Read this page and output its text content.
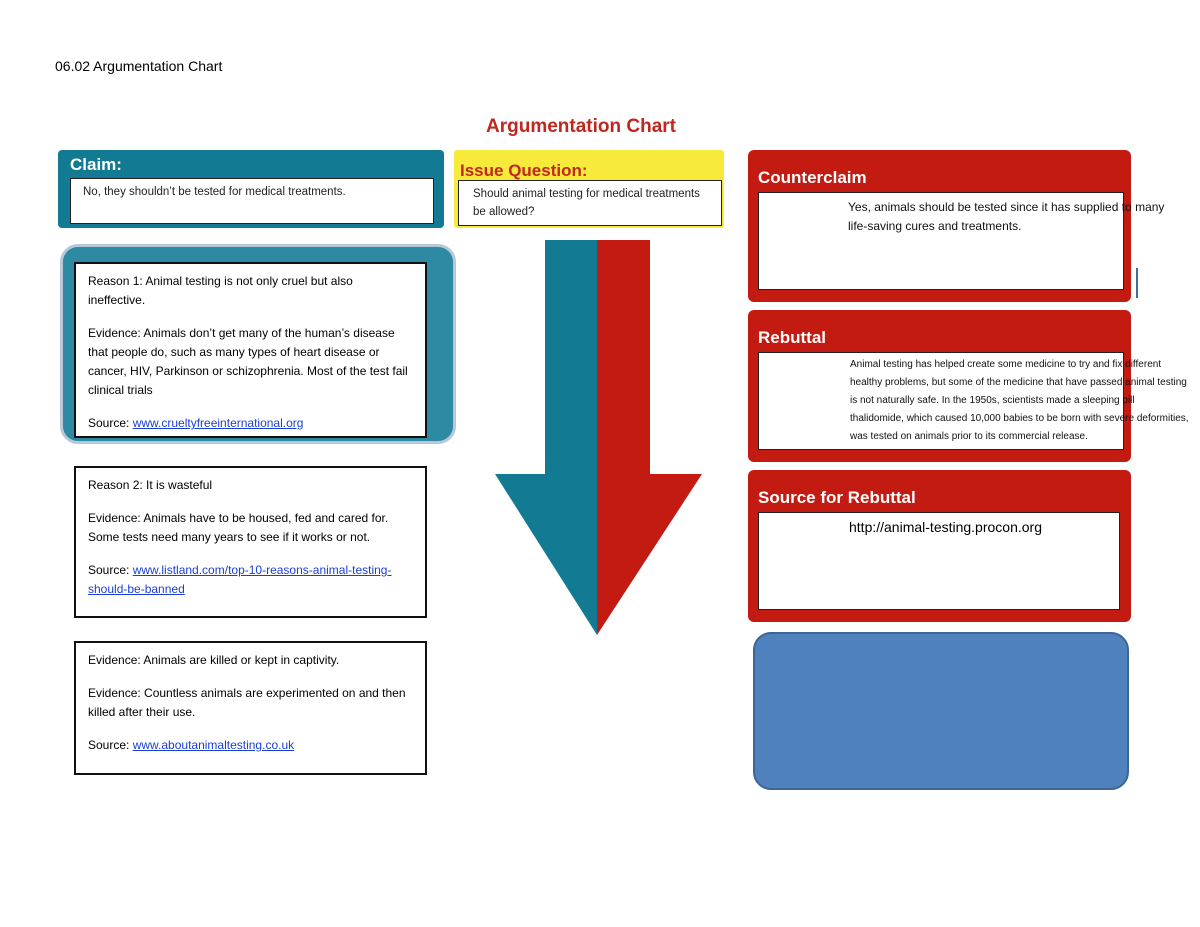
06.02 Argumentation Chart
Argumentation Chart
Claim:
No, they shouldn’t be tested for medical treatments.
Issue Question:
Should animal testing for medical treatments be allowed?

Reason 1: Animal testing is not only cruel but also ineffective.

Evidence: Animals don’t get many of the human’s disease that people do, such as many types of heart disease or cancer, HIV, Parkinson or schizophrenia. Most of the test fail clinical trials

Source: www.crueltyfreeinternational.org

Reason 2: It is wasteful

Evidence: Animals have to be housed, fed and cared for. Some tests need many years to see if it works or not.

Source: www.listland.com/top-10-reasons-animal-testing-should-be-banned

Evidence: Animals are killed or kept in captivity.

Evidence: Countless animals are experimented on and then killed after their use.

Source: www.aboutanimaltesting.co.uk

Counterclaim
Yes, animals should be tested since it has supplied to many life-saving cures and treatments.
Rebuttal
Animal testing has helped create some medicine to try and fix different healthy problems, but some of the medicine that have passed animal testing is not naturally safe. In the 1950s, scientists made a sleeping pill thalidomide, which caused 10,000 babies to be born with severe deformities, was tested on animals prior to its commercial release.
Source for Rebuttal
http://animal-testing.procon.org
